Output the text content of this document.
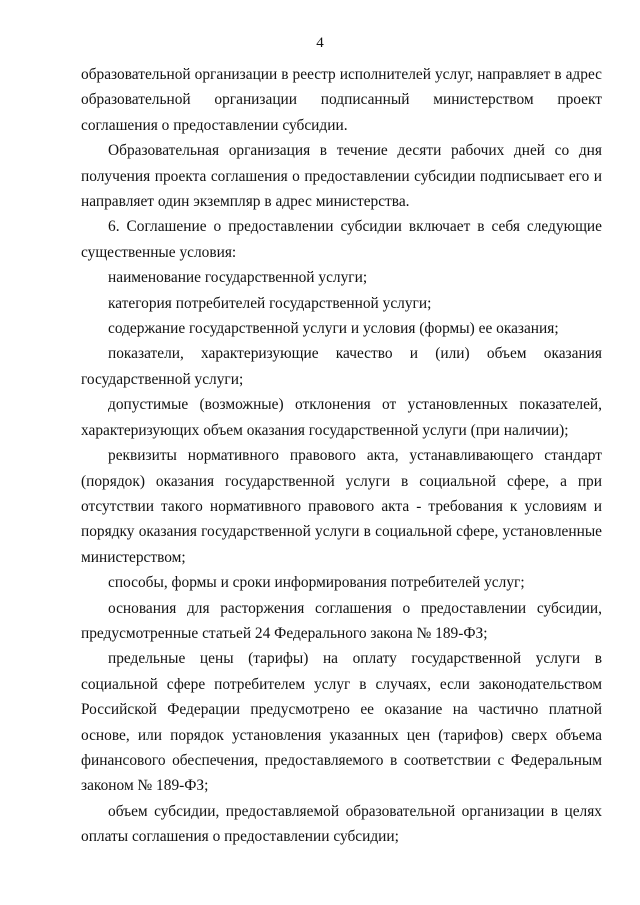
4

образовательной организации в реестр исполнителей услуг, направляет в адрес образовательной организации подписанный министерством проект соглашения о предоставлении субсидии.

Образовательная организация в течение десяти рабочих дней со дня получения проекта соглашения о предоставлении субсидии подписывает его и направляет один экземпляр в адрес министерства.

6. Соглашение о предоставлении субсидии включает в себя следующие существенные условия:

наименование государственной услуги;

категория потребителей государственной услуги;

содержание государственной услуги и условия (формы) ее оказания;

показатели, характеризующие качество и (или) объем оказания государственной услуги;

допустимые (возможные) отклонения от установленных показателей, характеризующих объем оказания государственной услуги (при наличии);

реквизиты нормативного правового акта, устанавливающего стандарт (порядок) оказания государственной услуги в социальной сфере, а при отсутствии такого нормативного правового акта - требования к условиям и порядку оказания государственной услуги в социальной сфере, установленные министерством;

способы, формы и сроки информирования потребителей услуг;

основания для расторжения соглашения о предоставлении субсидии, предусмотренные статьей 24 Федерального закона № 189-ФЗ;

предельные цены (тарифы) на оплату государственной услуги в социальной сфере потребителем услуг в случаях, если законодательством Российской Федерации предусмотрено ее оказание на частично платной основе, или порядок установления указанных цен (тарифов) сверх объема финансового обеспечения, предоставляемого в соответствии с Федеральным законом № 189-ФЗ;

объем субсидии, предоставляемой образовательной организации в целях оплаты соглашения о предоставлении субсидии;
